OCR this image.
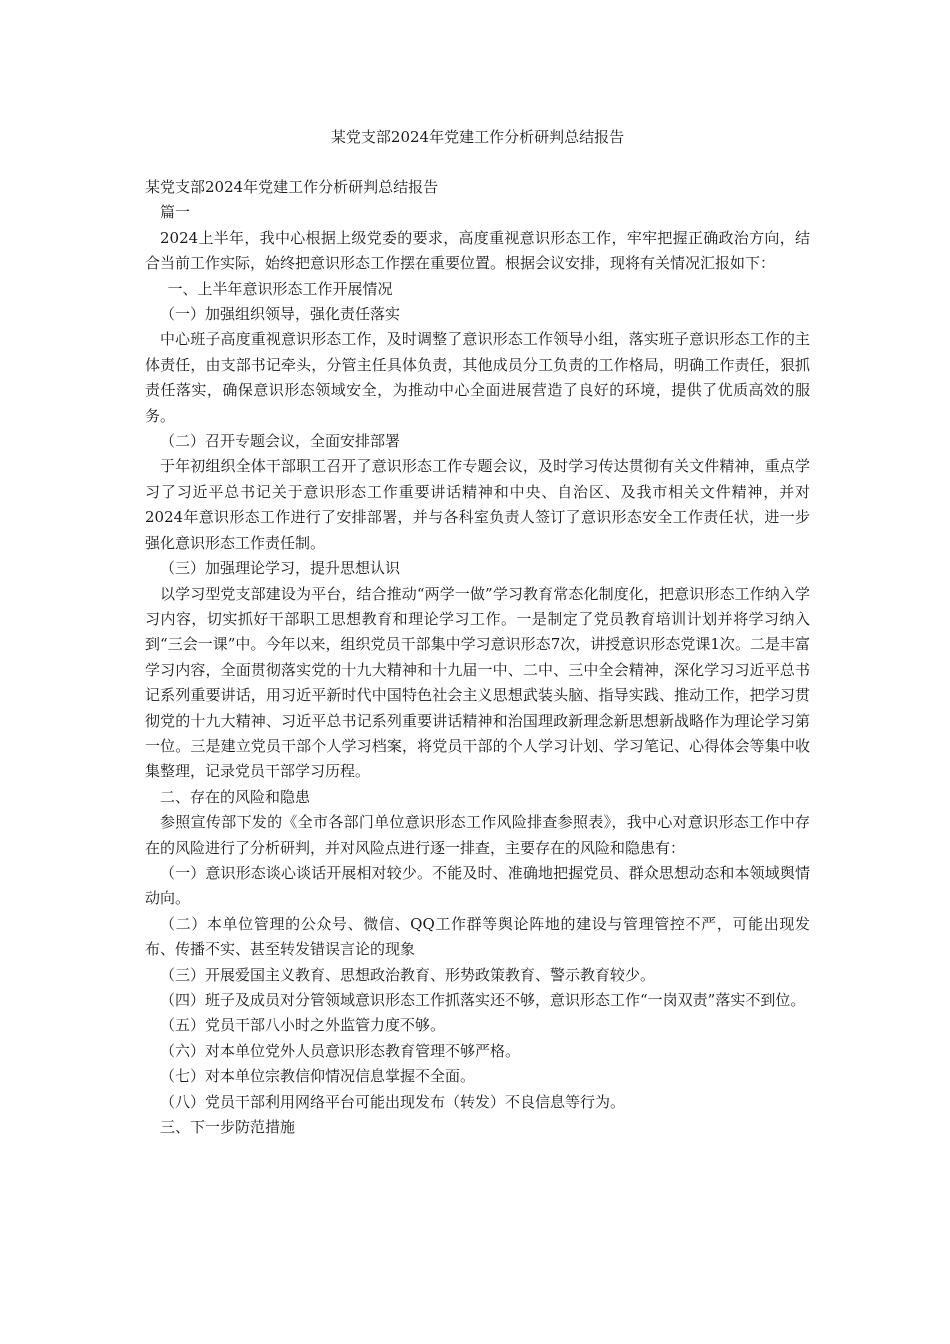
某党支部2024年党建工作分析研判总结报告

某党支部2024年党建工作分析研判总结报告

篇一

2024上半年，我中心根据上级党委的要求，高度重视意识形态工作，牢牢把握正确政治方向，结合当前工作实际，始终把意识形态工作摆在重要位置。根据会议安排，现将有关情况汇报如下：

一、上半年意识形态工作开展情况

（一）加强组织领导，强化责任落实

中心班子高度重视意识形态工作，及时调整了意识形态工作领导小组，落实班子意识形态工作的主体责任，由支部书记牵头，分管主任具体负责，其他成员分工负责的工作格局，明确工作责任，狠抓责任落实，确保意识形态领域安全，为推动中心全面进展营造了良好的环境，提供了优质高效的服务。

（二）召开专题会议，全面安排部署

于年初组织全体干部职工召开了意识形态工作专题会议，及时学习传达贯彻有关文件精神，重点学习了习近平总书记关于意识形态工作重要讲话精神和中央、自治区、及我市相关文件精神，并对2024年意识形态工作进行了安排部署，并与各科室负责人签订了意识形态安全工作责任状，进一步强化意识形态工作责任制。

（三）加强理论学习，提升思想认识

以学习型党支部建设为平台，结合推动“两学一做”学习教育常态化制度化，把意识形态工作纳入学习内容，切实抓好干部职工思想教育和理论学习工作。一是制定了党员教育培训计划并将学习纳入到“三会一课”中。今年以来，组织党员干部集中学习意识形态7次，讲授意识形态党课1次。二是丰富学习内容，全面贯彻落实党的十九大精神和十九届一中、二中、三中全会精神，深化学习习近平总书记系列重要讲话，用习近平新时代中国特色社会主义思想武装头脑、指导实践、推动工作，把学习贯彻党的十九大精神、习近平总书记系列重要讲话精神和治国理政新理念新思想新战略作为理论学习第一位。三是建立党员干部个人学习档案，将党员干部的个人学习计划、学习笔记、心得体会等集中收集整理，记录党员干部学习历程。

二、存在的风险和隐患

参照宣传部下发的《全市各部门单位意识形态工作风险排查参照表》，我中心对意识形态工作中存在的风险进行了分析研判，并对风险点进行逐一排查，主要存在的风险和隐患有：

（一）意识形态谈心谈话开展相对较少。不能及时、准确地把握党员、群众思想动态和本领域舆情动向。

（二）本单位管理的公众号、微信、QQ工作群等舆论阵地的建设与管理管控不严，可能出现发布、传播不实、甚至转发错误言论的现象

（三）开展爱国主义教育、思想政治教育、形势政策教育、警示教育较少。

（四）班子及成员对分管领域意识形态工作抓落实还不够，意识形态工作“一岗双责”落实不到位。

（五）党员干部八小时之外监管力度不够。

（六）对本单位党外人员意识形态教育管理不够严格。

（七）对本单位宗教信仰情况信息掌握不全面。

（八）党员干部利用网络平台可能出现发布（转发）不良信息等行为。

三、下一步防范措施
